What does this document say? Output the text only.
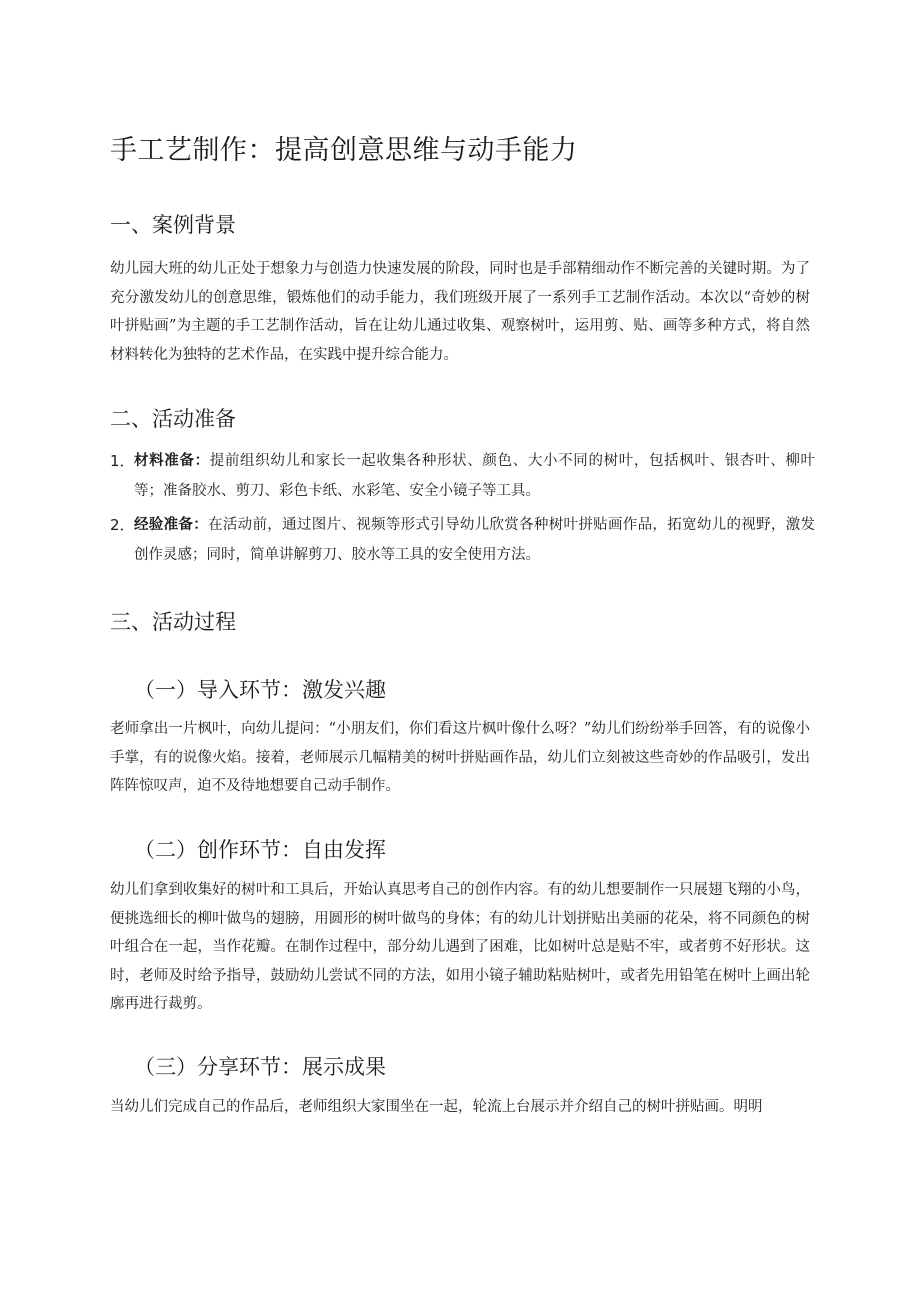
手工艺制作：提高创意思维与动手能力
一、案例背景

幼儿园大班的幼儿正处于想象力与创造力快速发展的阶段，同时也是手部精细动作不断完善的关键时期。为了充分激发幼儿的创意思维，锻炼他们的动手能力，我们班级开展了一系列手工艺制作活动。本次以“奇妙的树叶拼贴画”为主题的手工艺制作活动，旨在让幼儿通过收集、观察树叶，运用剪、贴、画等多种方式，将自然材料转化为独特的艺术作品，在实践中提升综合能力。

二、活动准备
1． 材料准备：提前组织幼儿和家长一起收集各种形状、颜色、大小不同的树叶，包括枫叶、银杏叶、柳叶等；准备胶水、剪刀、彩色卡纸、水彩笔、安全小镜子等工具。
2． 经验准备：在活动前，通过图片、视频等形式引导幼儿欣赏各种树叶拼贴画作品，拓宽幼儿的视野，激发创作灵感；同时，简单讲解剪刀、胶水等工具的安全使用方法。
三、活动过程
（一）导入环节：激发兴趣

老师拿出一片枫叶，向幼儿提问：“小朋友们，你们看这片枫叶像什么呀？”幼儿们纷纷举手回答，有的说像小手掌，有的说像火焰。接着，老师展示几幅精美的树叶拼贴画作品，幼儿们立刻被这些奇妙的作品吸引，发出阵阵惊叹声，迫不及待地想要自己动手制作。

（二）创作环节：自由发挥

幼儿们拿到收集好的树叶和工具后，开始认真思考自己的创作内容。有的幼儿想要制作一只展翅飞翔的小鸟，便挑选细长的柳叶做鸟的翅膀，用圆形的树叶做鸟的身体；有的幼儿计划拼贴出美丽的花朵，将不同颜色的树叶组合在一起，当作花瓣。在制作过程中，部分幼儿遇到了困难，比如树叶总是贴不牢，或者剪不好形状。这时，老师及时给予指导，鼓励幼儿尝试不同的方法，如用小镜子辅助粘贴树叶，或者先用铅笔在树叶上画出轮廓再进行裁剪。

（三）分享环节：展示成果

当幼儿们完成自己的作品后，老师组织大家围坐在一起，轮流上台展示并介绍自己的树叶拼贴画。明明
